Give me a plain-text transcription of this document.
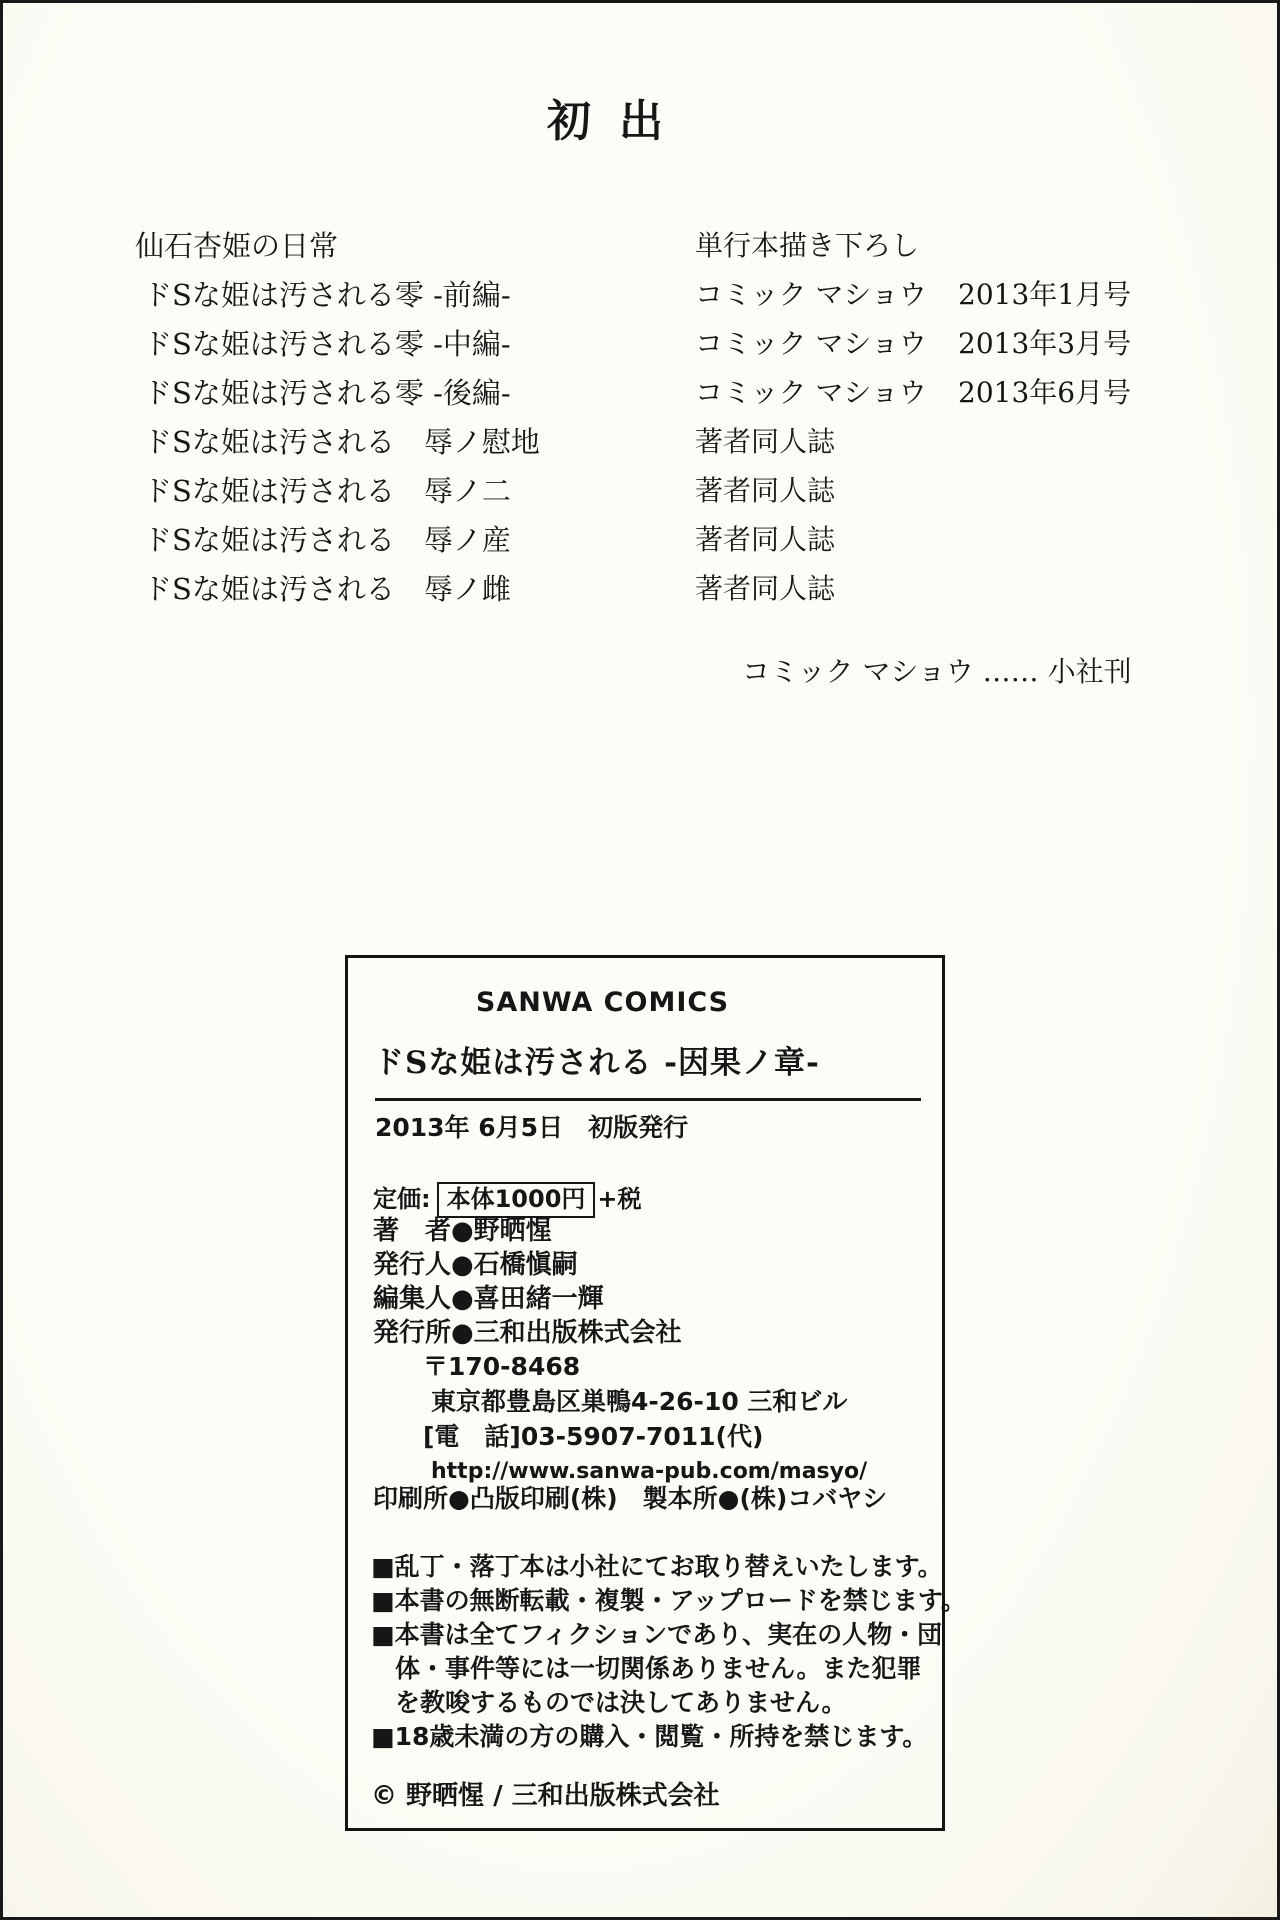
初出
仙石杏姫の日常	単行本描き下ろし
ドSな姫は汚される零 -前編-	コミック マショウ	2013年1月号
ドSな姫は汚される零 -中編-	コミック マショウ	2013年3月号
ドSな姫は汚される零 -後編-	コミック マショウ	2013年6月号
ドSな姫は汚される　辱ノ慰地	著者同人誌
ドSな姫は汚される　辱ノ二	著者同人誌
ドSな姫は汚される　辱ノ産	著者同人誌
ドSな姫は汚される　辱ノ雌	著者同人誌
コミック マショウ …… 小社刊
SANWA COMICS
ドSな姫は汚される -因果ノ章-
2013年 6月5日　初版発行
定価: 本体1000円 +税
著　者●野晒惺
発行人●石橋愼嗣
編集人●喜田緒一輝
発行所●三和出版株式会社
〒170-8468
東京都豊島区巣鴨4-26-10 三和ビル
[電　話]03-5907-7011(代)
http://www.sanwa-pub.com/masyo/
印刷所●凸版印刷(株)　製本所●(株)コバヤシ
■乱丁・落丁本は小社にてお取り替えいたします。
■本書の無断転載・複製・アップロードを禁じます。
■本書は全てフィクションであり、実在の人物・団
体・事件等には一切関係ありません。また犯罪
を教唆するものでは決してありません。
■18歳未満の方の購入・閲覧・所持を禁じます。
© 野晒惺 / 三和出版株式会社
